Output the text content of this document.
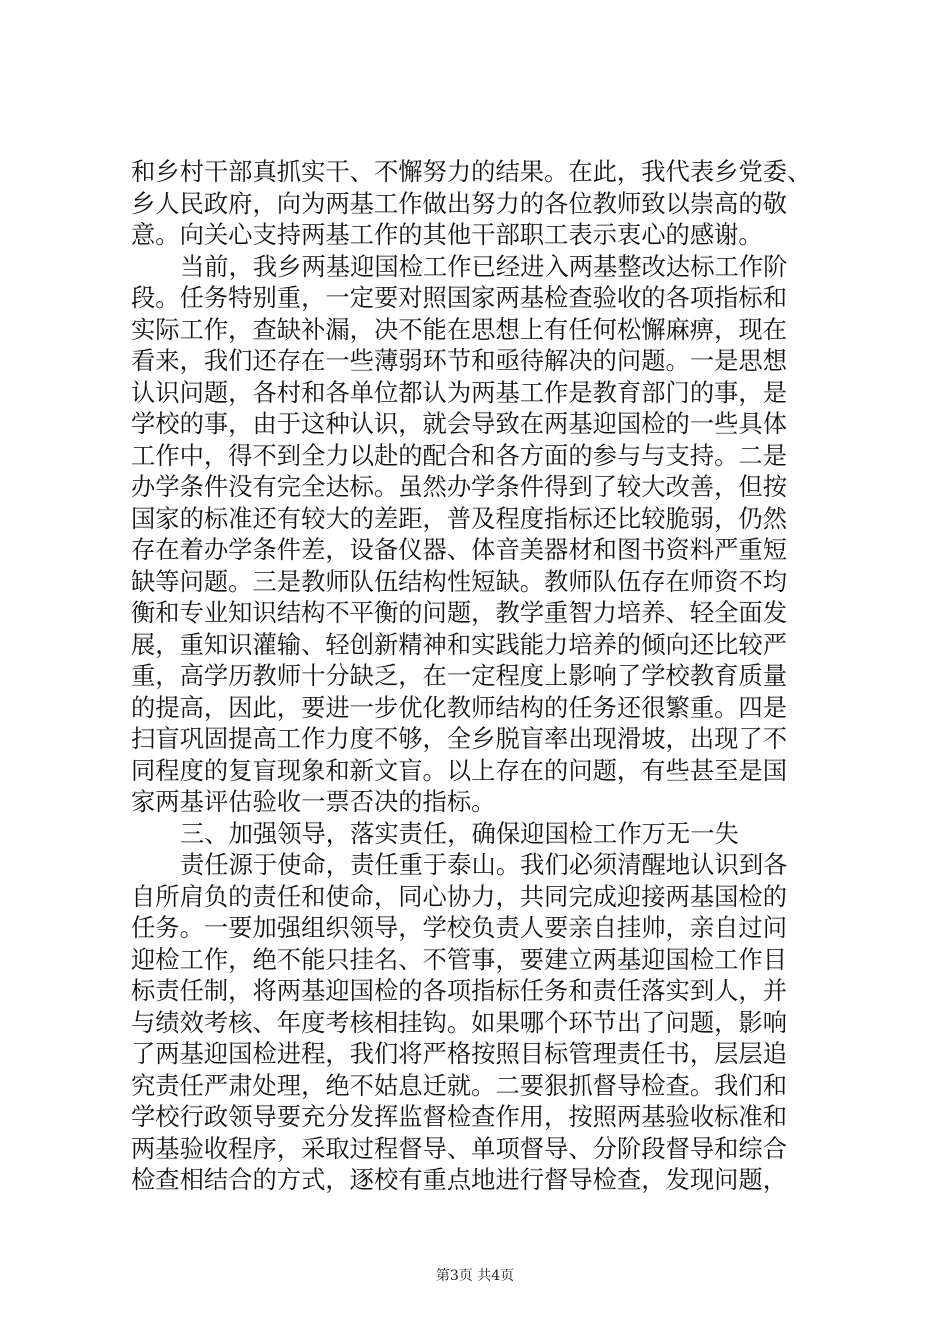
和乡村干部真抓实干、不懈努力的结果。在此，我代表乡党委、
乡人民政府，向为两基工作做出努力的各位教师致以崇高的敬
意。向关心支持两基工作的其他干部职工表示衷心的感谢。
当前，我乡两基迎国检工作已经进入两基整改达标工作阶
段。任务特别重，一定要对照国家两基检查验收的各项指标和
实际工作，查缺补漏，决不能在思想上有任何松懈麻痹，现在
看来，我们还存在一些薄弱环节和亟待解决的问题。一是思想
认识问题，各村和各单位都认为两基工作是教育部门的事，是
学校的事，由于这种认识，就会导致在两基迎国检的一些具体
工作中，得不到全力以赴的配合和各方面的参与与支持。二是
办学条件没有完全达标。虽然办学条件得到了较大改善，但按
国家的标准还有较大的差距，普及程度指标还比较脆弱，仍然
存在着办学条件差，设备仪器、体音美器材和图书资料严重短
缺等问题。三是教师队伍结构性短缺。教师队伍存在师资不均
衡和专业知识结构不平衡的问题，教学重智力培养、轻全面发
展，重知识灌输、轻创新精神和实践能力培养的倾向还比较严
重，高学历教师十分缺乏，在一定程度上影响了学校教育质量
的提高，因此，要进一步优化教师结构的任务还很繁重。四是
扫盲巩固提高工作力度不够，全乡脱盲率出现滑坡，出现了不
同程度的复盲现象和新文盲。以上存在的问题，有些甚至是国
家两基评估验收一票否决的指标。
三、加强领导，落实责任，确保迎国检工作万无一失
责任源于使命，责任重于泰山。我们必须清醒地认识到各
自所肩负的责任和使命，同心协力，共同完成迎接两基国检的
任务。一要加强组织领导，学校负责人要亲自挂帅，亲自过问
迎检工作，绝不能只挂名、不管事，要建立两基迎国检工作目
标责任制，将两基迎国检的各项指标任务和责任落实到人，并
与绩效考核、年度考核相挂钩。如果哪个环节出了问题，影响
了两基迎国检进程，我们将严格按照目标管理责任书，层层追
究责任严肃处理，绝不姑息迁就。二要狠抓督导检查。我们和
学校行政领导要充分发挥监督检查作用，按照两基验收标准和
两基验收程序，采取过程督导、单项督导、分阶段督导和综合
检查相结合的方式，逐校有重点地进行督导检查，发现问题，
第3页 共4页
